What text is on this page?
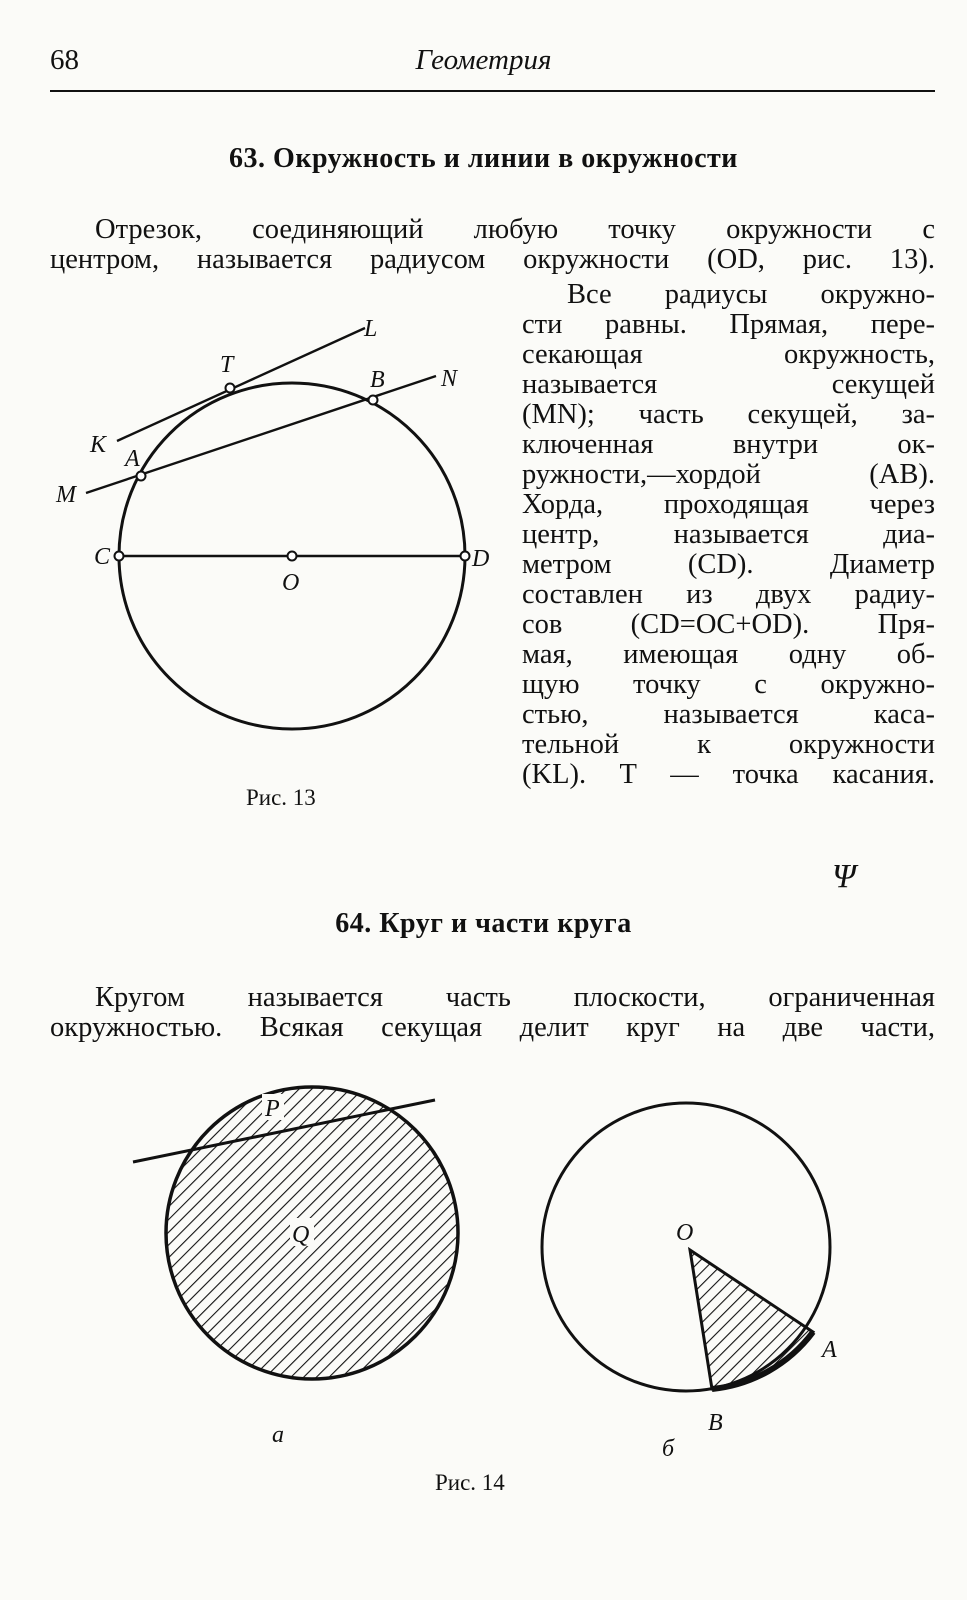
68	Геометрия
63. Окружность и линии в окружности
Отрезок, соединяющий любую точку окружности с
центром, называется радиусом окружности (OD, рис. 13).
L
T
B N
K
A
M
C	D
O
Рис. 13
Все радиусы окружно-
сти равны. Прямая, пере-
секающая окружность,
называется секущей
(MN); часть секущей, за-
ключенная внутри ок-
ружности,—хордой (AB).
Хорда, проходящая через
центр, называется диа-
метром (CD). Диаметр
составлен из двух радиу-
сов (CD=OC+OD). Пря-
мая, имеющая одну об-
щую точку с окружно-
стью, называется каса-
тельной к окружности
(KL). T — точка касания.
Ψ
64. Круг и части круга
Кругом называется часть плоскости, ограниченная
окружностью. Всякая секущая делит круг на две части,
P
Q
а
O
A
B
б
Рис. 14
